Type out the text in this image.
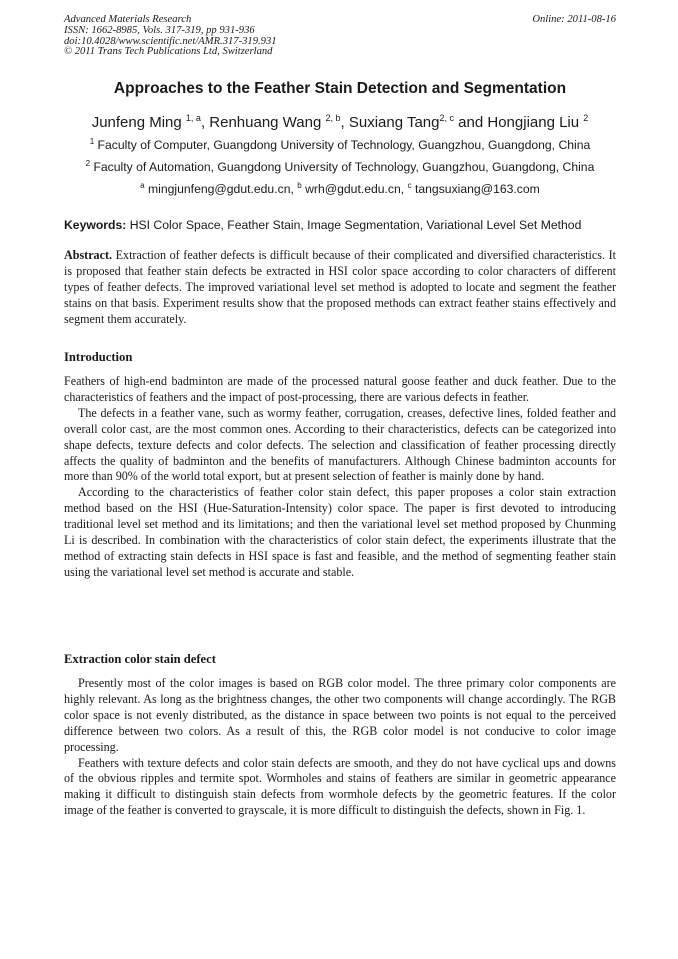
Advanced Materials Research
ISSN: 1662-8985, Vols. 317-319, pp 931-936
doi:10.4028/www.scientific.net/AMR.317-319.931
© 2011 Trans Tech Publications Ltd, Switzerland
Online: 2011-08-16
Approaches to the Feather Stain Detection and Segmentation
Junfeng Ming $^{1, a}$, Renhuang Wang $^{2, b}$, Suxiang Tang$^{2, c}$ and Hongjiang Liu $^2$
$^1$ Faculty of Computer, Guangdong University of Technology, Guangzhou, Guangdong, China
$^2$ Faculty of Automation, Guangdong University of Technology, Guangzhou, Guangdong, China
$^a$ mingjunfeng@gdut.edu.cn, $^b$ wrh@gdut.edu.cn, $^c$ tangsuxiang@163.com
Keywords: HSI Color Space, Feather Stain, Image Segmentation, Variational Level Set Method

Abstract. Extraction of feather defects is difficult because of their complicated and diversified characteristics. It is proposed that feather stain defects be extracted in HSI color space according to color characters of different types of feather defects. The improved variational level set method is adopted to locate and segment the feather stains on that basis. Experiment results show that the proposed methods can extract feather stains effectively and segment them accurately.

Introduction

Feathers of high-end badminton are made of the processed natural goose feather and duck feather. Due to the characteristics of feathers and the impact of post-processing, there are various defects in feather.

The defects in a feather vane, such as wormy feather, corrugation, creases, defective lines, folded feather and overall color cast, are the most common ones. According to their characteristics, defects can be categorized into shape defects, texture defects and color defects. The selection and classification of feather processing directly affects the quality of badminton and the benefits of manufacturers. Although Chinese badminton accounts for more than 90% of the world total export, but at present selection of feather is mainly done by hand.

According to the characteristics of feather color stain defect, this paper proposes a color stain extraction method based on the HSI (Hue-Saturation-Intensity) color space. The paper is first devoted to introducing traditional level set method and its limitations; and then the variational level set method proposed by Chunming Li is described. In combination with the characteristics of color stain defect, the experiments illustrate that the method of extracting stain defects in HSI space is fast and feasible, and the method of segmenting feather stain using the variational level set method is accurate and stable.

Extraction color stain defect

Presently most of the color images is based on RGB color model. The three primary color components are highly relevant. As long as the brightness changes, the other two components will change accordingly. The RGB color space is not evenly distributed, as the distance in space between two points is not equal to the perceived difference between two colors. As a result of this, the RGB color model is not conducive to color image processing.

Feathers with texture defects and color stain defects are smooth, and they do not have cyclical ups and downs of the obvious ripples and termite spot. Wormholes and stains of feathers are similar in geometric appearance making it difficult to distinguish stain defects from wormhole defects by the geometric features. If the color image of the feather is converted to grayscale, it is more difficult to distinguish the defects, shown in Fig. 1.
